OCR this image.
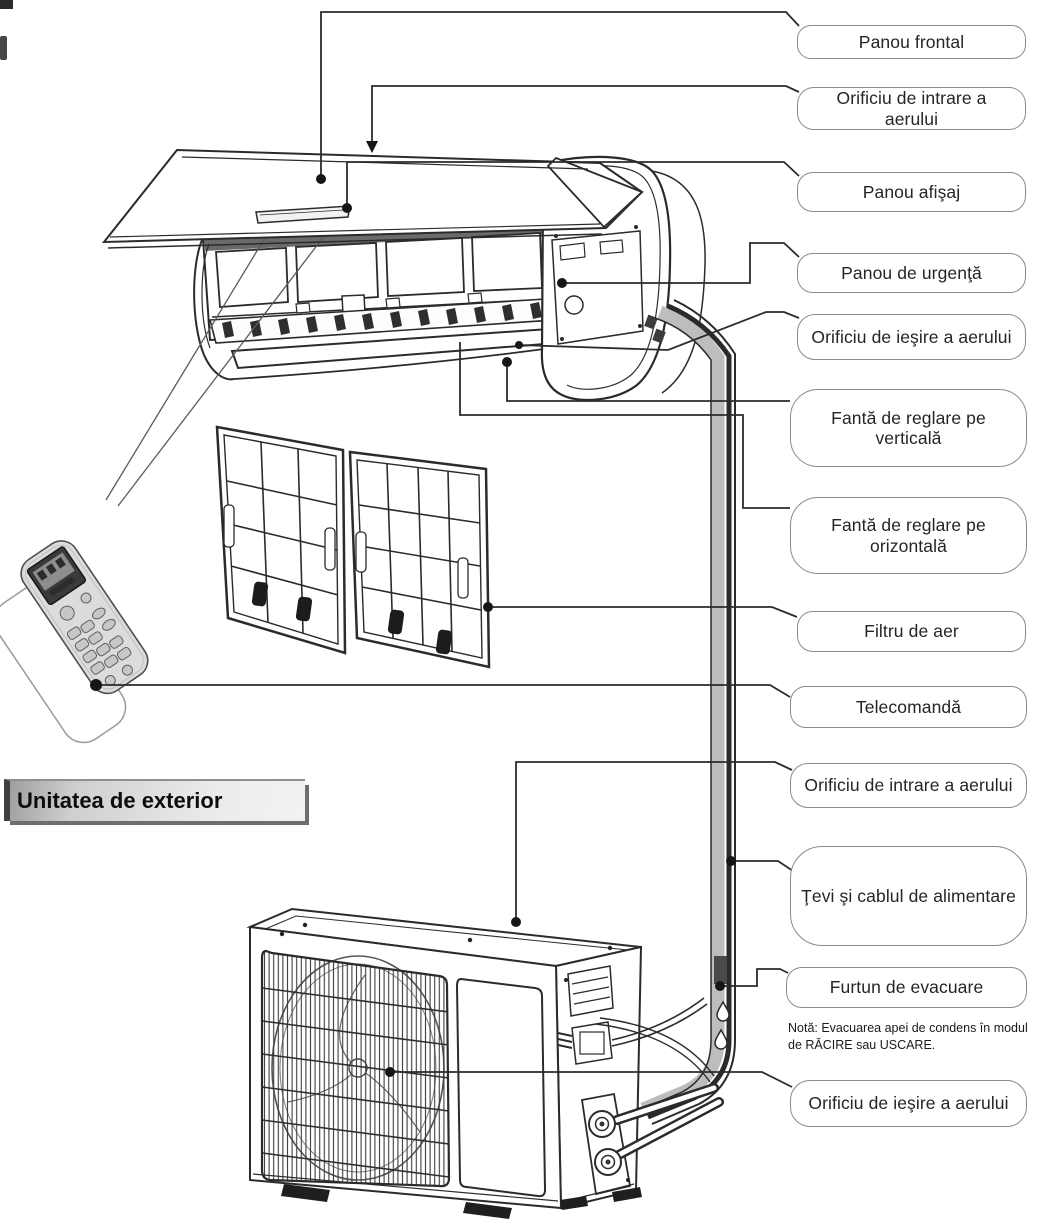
Panou frontal
Orificiu de intrare a aerului
Panou afişaj
Panou de urgenţă
Orificiu de ieşire a aerului
Fantă de reglare pe verticală
Fantă de reglare pe orizontală
Filtru de aer
Telecomandă
Orificiu de intrare a aerului
Ţevi şi cablul de alimentare
Furtun de evacuare
Orificiu de ieşire a aerului
Unitatea de exterior
Notă: Evacuarea apei de condens în modul de RĂCIRE sau USCARE.
